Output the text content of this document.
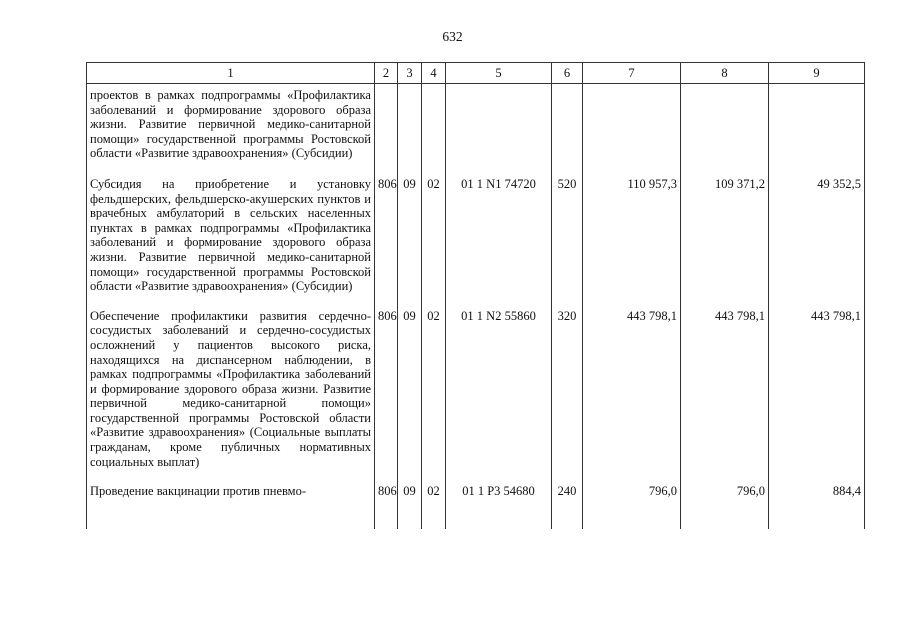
632
1	2	3	4	5	6	7	8	9
проектов в рамках подпрограммы «Профилактика заболеваний и формирование здорового образа жизни. Развитие первичной медико-санитарной помощи» государственной программы Ростовской области «Развитие здравоохранения» (Субсидии)								
Субсидия на приобретение и установку фельдшерских, фельдшерско-акушерских пунктов и врачебных амбулаторий в сельских населенных пунктах в рамках подпрограммы «Профилактика заболеваний и формирование здорового образа жизни. Развитие первичной медико-санитарной помощи» государственной программы Ростовской области «Развитие здравоохранения» (Субсидии)	806	09	02	01 1 N1 74720	520	110 957,3	109 371,2	49 352,5
Обеспечение профилактики развития сердечно-сосудистых заболеваний и сердечно-сосудистых осложнений у пациентов высокого риска, находящихся на диспансерном наблюдении, в рамках подпрограммы «Профилактика заболеваний и формирование здорового образа жизни. Развитие первичной медико-санитарной помощи» государственной программы Ростовской области «Развитие здравоохранения» (Социальные выплаты гражданам, кроме публичных нормативных социальных выплат)	806	09	02	01 1 N2 55860	320	443 798,1	443 798,1	443 798,1
Проведение вакцинации против пневмо-	806	09	02	01 1 P3 54680	240	796,0	796,0	884,4
